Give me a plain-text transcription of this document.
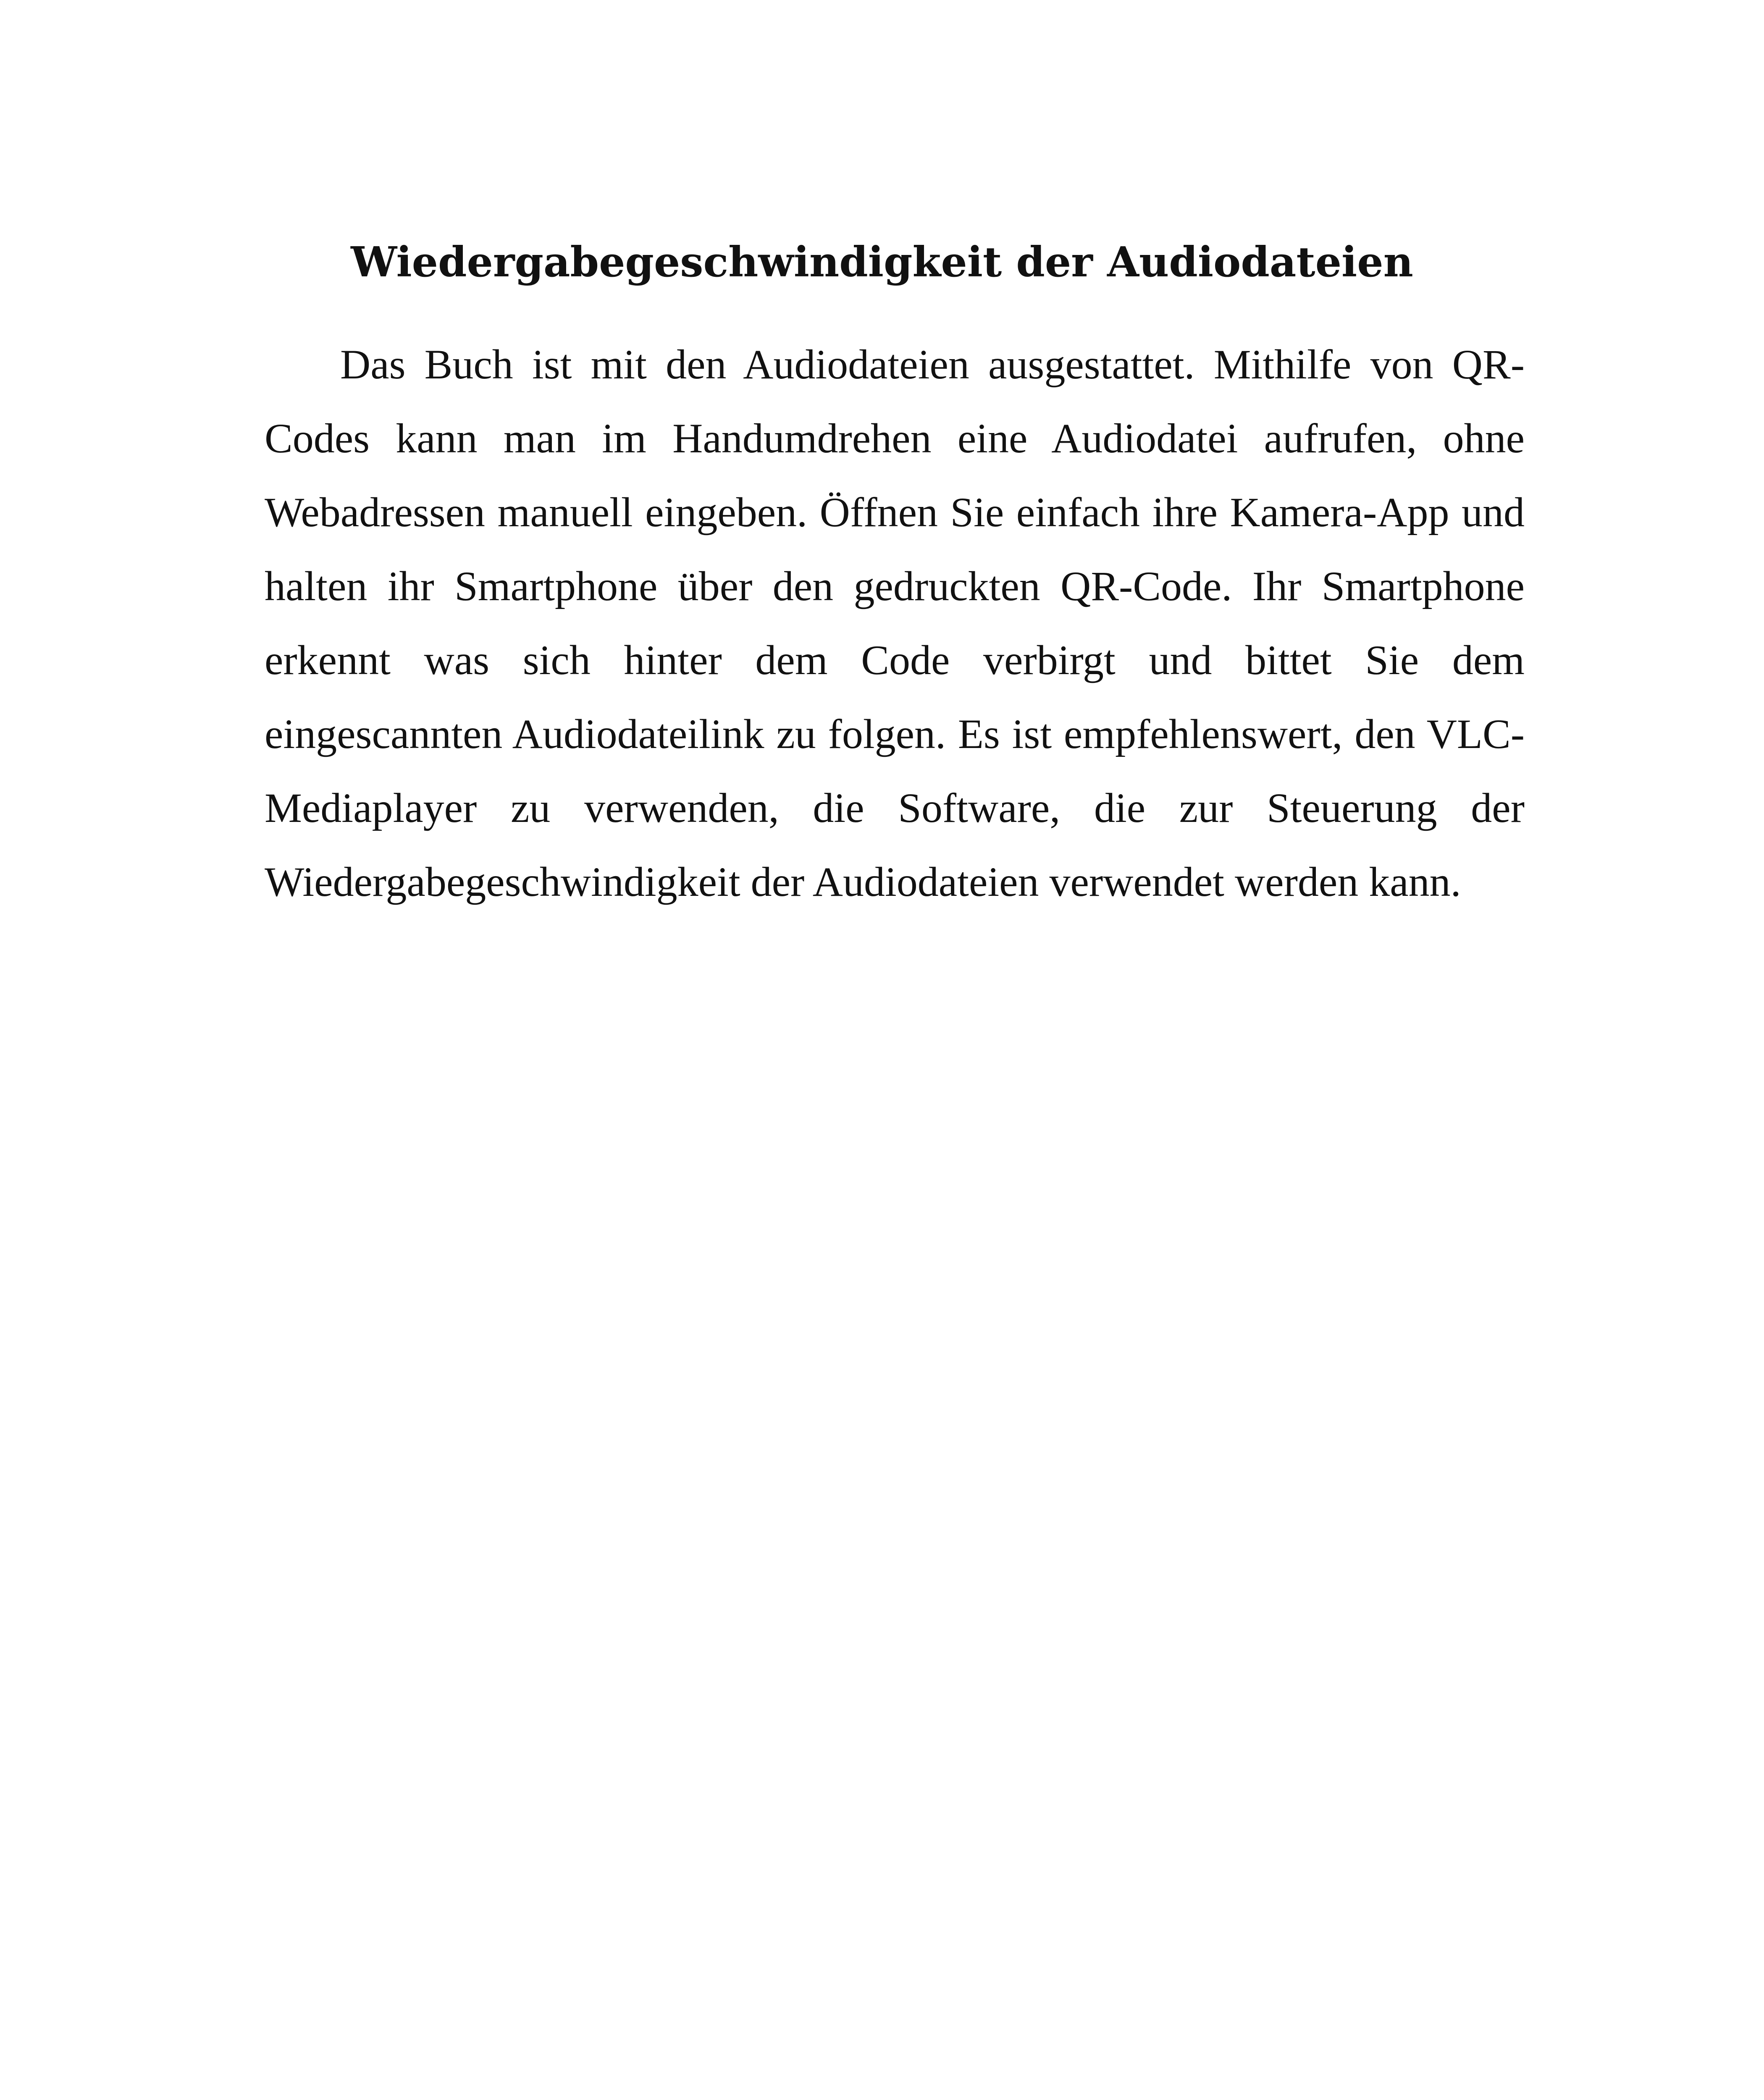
Wiedergabegeschwindigkeit der Audiodateien

Das Buch ist mit den Audiodateien ausgestattet. Mithilfe von QR-Codes kann man im Handumdrehen eine Audiodatei aufrufen, ohne Webadressen manuell eingeben. Öffnen Sie einfach ihre Kamera-App und halten ihr Smartphone über den gedruckten QR-Code. Ihr Smartphone erkennt was sich hinter dem Code verbirgt und bittet Sie dem eingescannten Audiodateilink zu folgen. Es ist empfehlenswert, den VLC-Mediaplayer zu verwenden, die Software, die zur Steuerung der Wiedergabegeschwindigkeit der Audiodateien verwendet werden kann.
